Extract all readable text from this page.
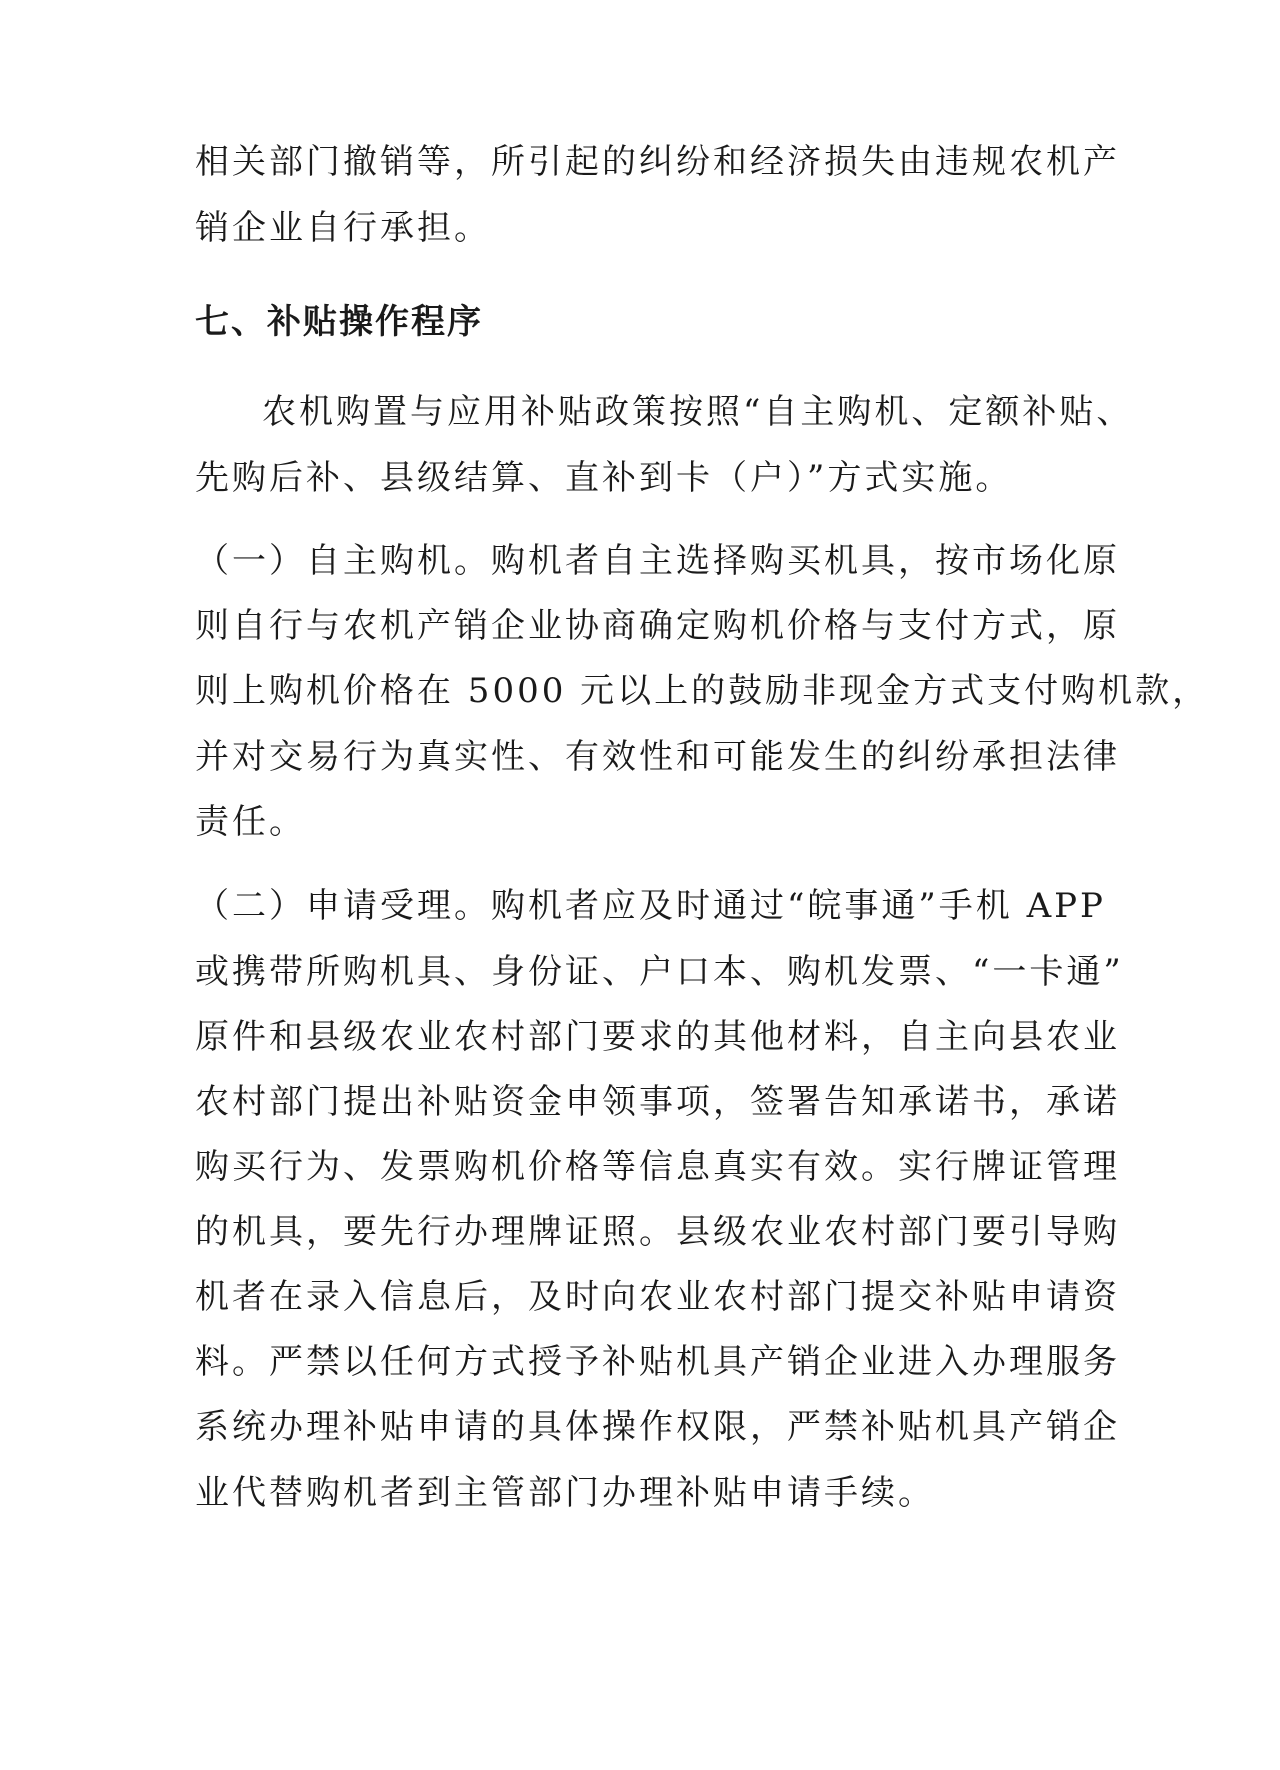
相关部门撤销等，所引起的纠纷和经济损失由违规农机产
销企业自行承担。
七、补贴操作程序
农机购置与应用补贴政策按照“自主购机、定额补贴、
先购后补、县级结算、直补到卡（户）”方式实施。
（一）自主购机。购机者自主选择购买机具，按市场化原
则自行与农机产销企业协商确定购机价格与支付方式，原
则上购机价格在 5000 元以上的鼓励非现金方式支付购机款，
并对交易行为真实性、有效性和可能发生的纠纷承担法律
责任。
（二）申请受理。购机者应及时通过“皖事通”手机 APP
或携带所购机具、身份证、户口本、购机发票、“一卡通”
原件和县级农业农村部门要求的其他材料，自主向县农业
农村部门提出补贴资金申领事项，签署告知承诺书，承诺
购买行为、发票购机价格等信息真实有效。实行牌证管理
的机具，要先行办理牌证照。县级农业农村部门要引导购
机者在录入信息后，及时向农业农村部门提交补贴申请资
料。严禁以任何方式授予补贴机具产销企业进入办理服务
系统办理补贴申请的具体操作权限，严禁补贴机具产销企
业代替购机者到主管部门办理补贴申请手续。
